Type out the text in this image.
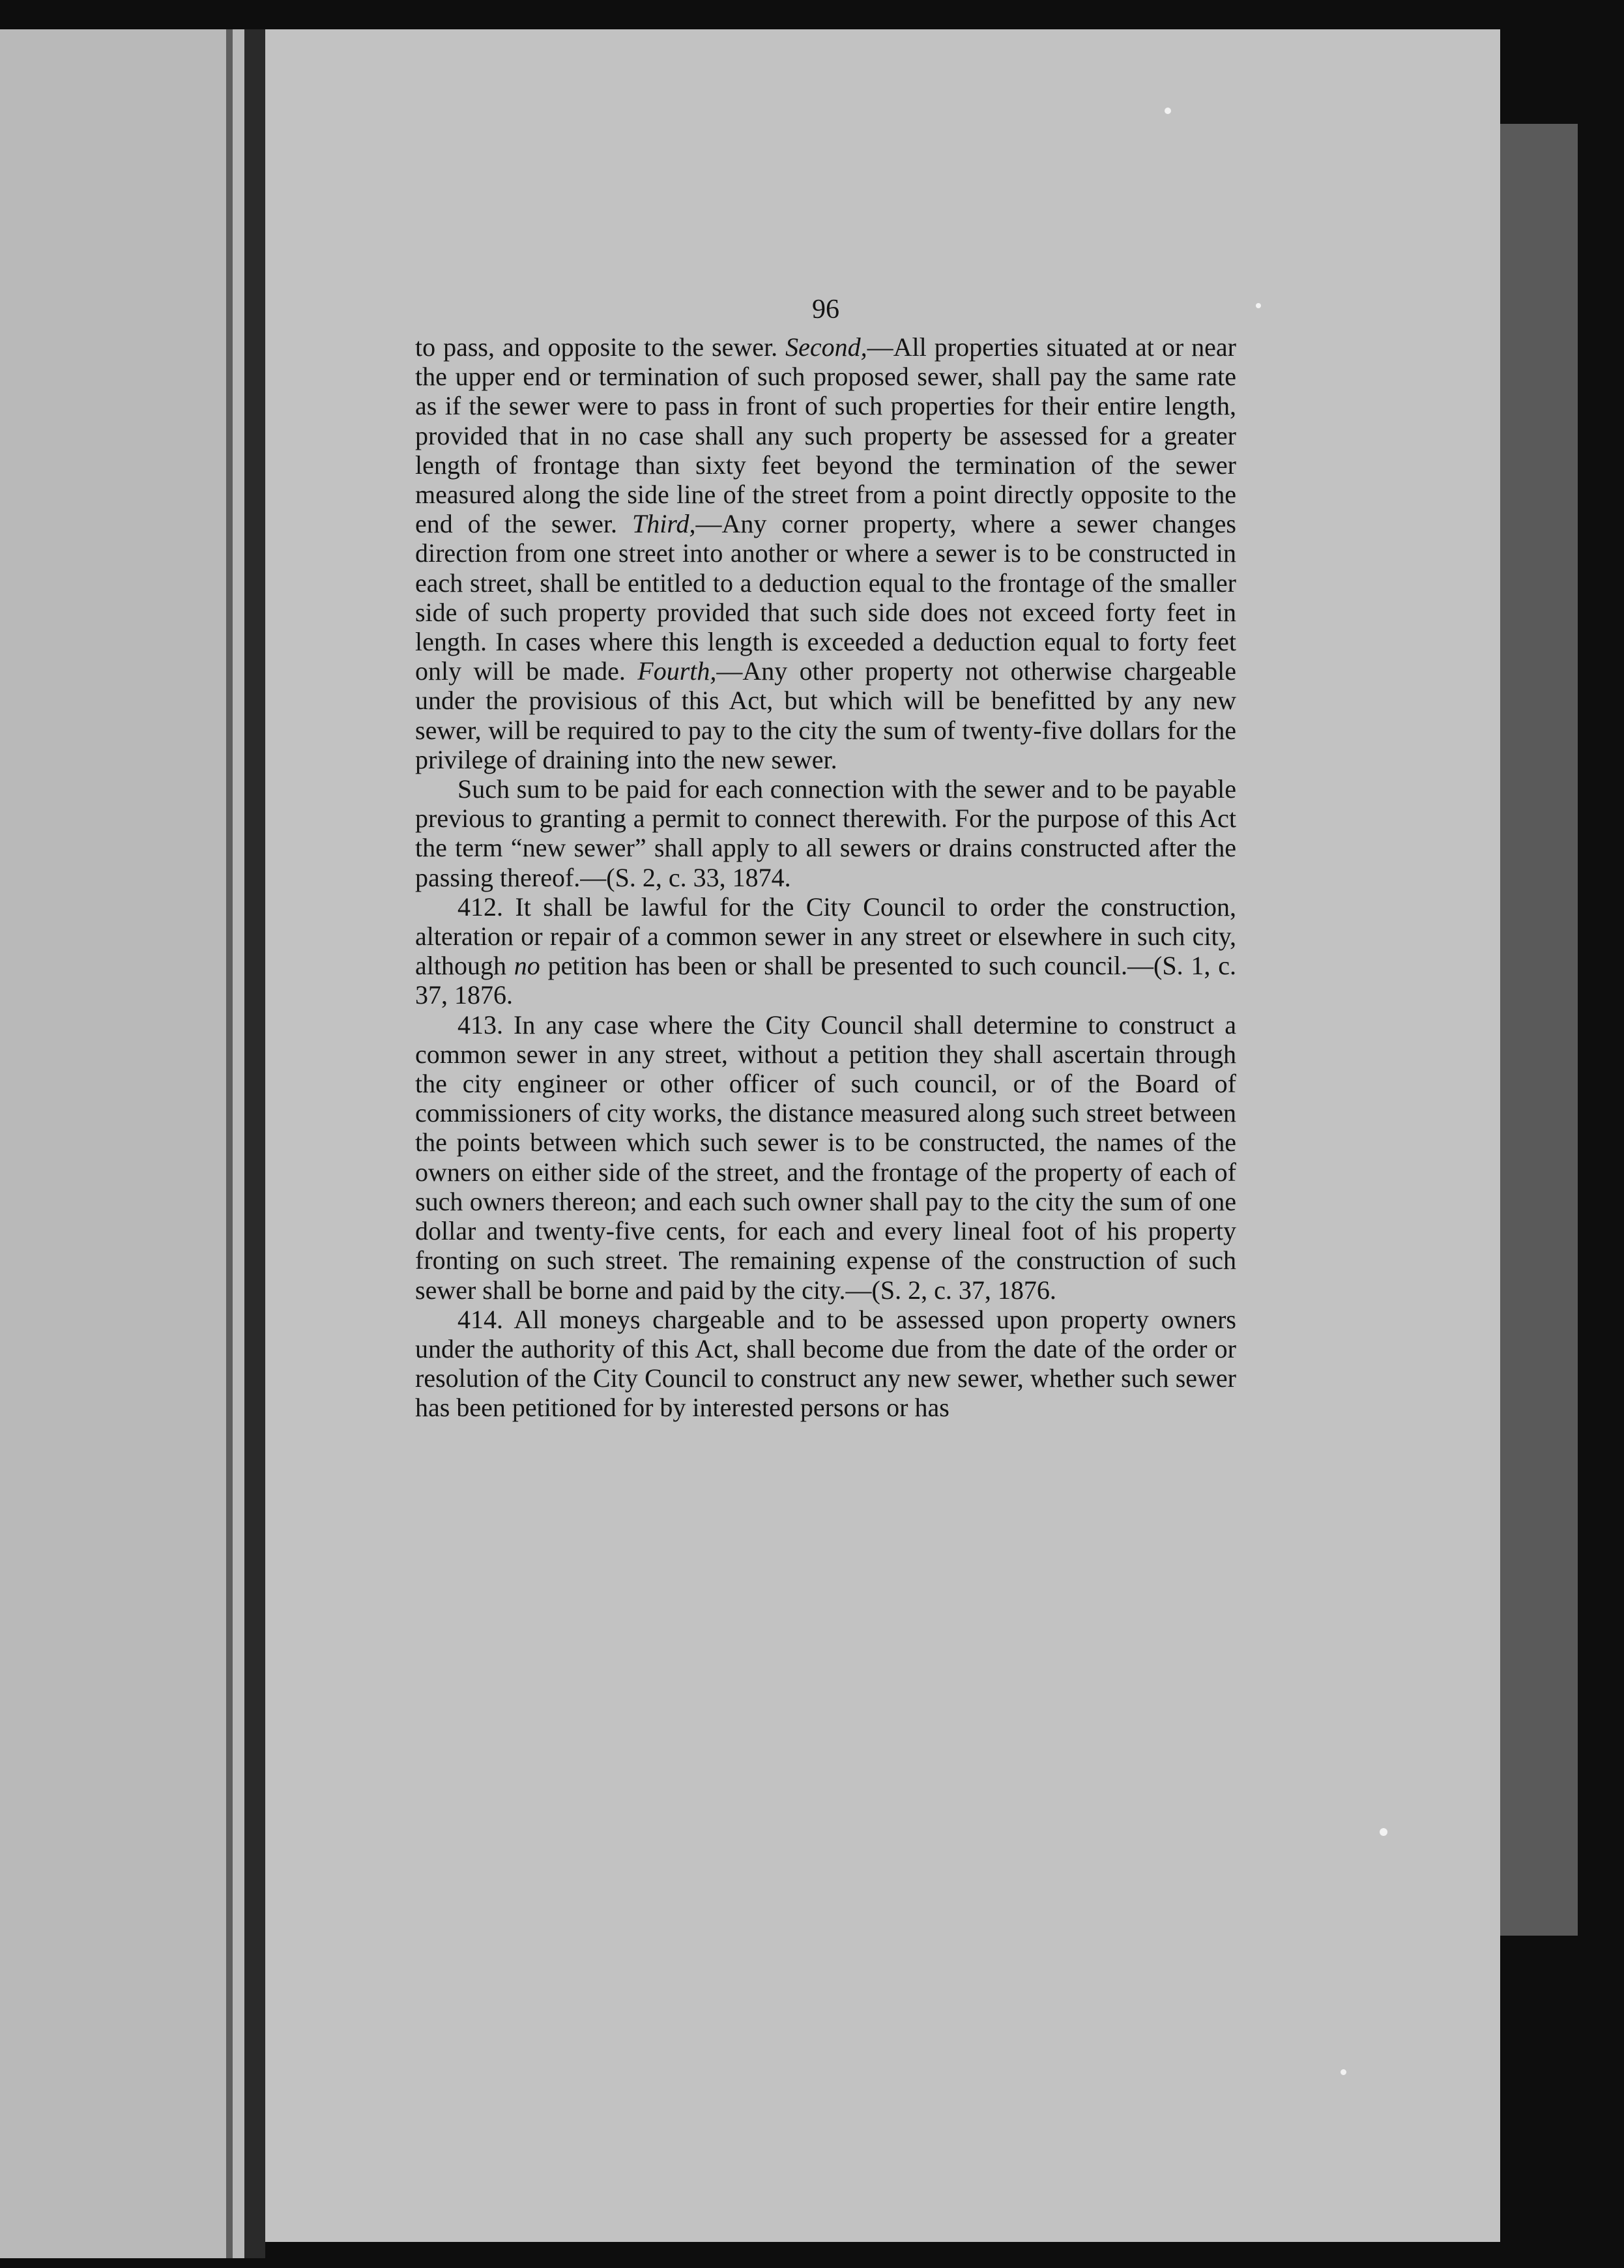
96

to pass, and opposite to the sewer. Second,—All properties situated at or near the upper end or termination of such proposed sewer, shall pay the same rate as if the sewer were to pass in front of such properties for their entire length, provided that in no case shall any such property be assessed for a greater length of frontage than sixty feet beyond the termination of the sewer measured along the side line of the street from a point directly opposite to the end of the sewer. Third,—Any corner property, where a sewer changes direction from one street into another or where a sewer is to be constructed in each street, shall be entitled to a deduction equal to the frontage of the smaller side of such property provided that such side does not exceed forty feet in length. In cases where this length is exceeded a deduction equal to forty feet only will be made. Fourth,—Any other property not otherwise chargeable under the provisious of this Act, but which will be benefitted by any new sewer, will be required to pay to the city the sum of twenty-five dollars for the privilege of draining into the new sewer.

Such sum to be paid for each connection with the sewer and to be payable previous to granting a permit to connect therewith. For the purpose of this Act the term “new sewer” shall apply to all sewers or drains constructed after the passing thereof.—(S. 2, c. 33, 1874.

412. It shall be lawful for the City Council to order the construction, alteration or repair of a common sewer in any street or elsewhere in such city, although no petition has been or shall be presented to such council.—(S. 1, c. 37, 1876.

413. In any case where the City Council shall determine to construct a common sewer in any street, without a petition they shall ascertain through the city engineer or other officer of such council, or of the Board of commissioners of city works, the distance measured along such street between the points between which such sewer is to be constructed, the names of the owners on either side of the street, and the frontage of the property of each of such owners thereon; and each such owner shall pay to the city the sum of one dollar and twenty-five cents, for each and every lineal foot of his property fronting on such street. The remaining expense of the construction of such sewer shall be borne and paid by the city.—(S. 2, c. 37, 1876.

414. All moneys chargeable and to be assessed upon property owners under the authority of this Act, shall become due from the date of the order or resolution of the City Council to construct any new sewer, whether such sewer has been petitioned for by interested persons or has
